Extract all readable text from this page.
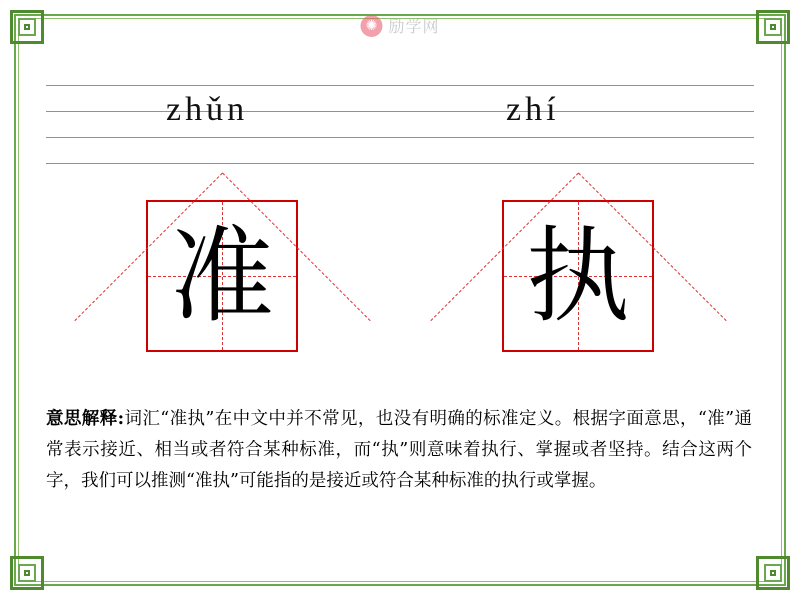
✺ 励学网
zhǔn	zhí
准 执
意思解释:词汇“准执”在中文中并不常见，也没有明确的标准定义。根据字面意思，“准”通常表示接近、相当或者符合某种标准，而“执”则意味着执行、掌握或者坚持。结合这两个字，我们可以推测“准执”可能指的是接近或符合某种标准的执行或掌握。
